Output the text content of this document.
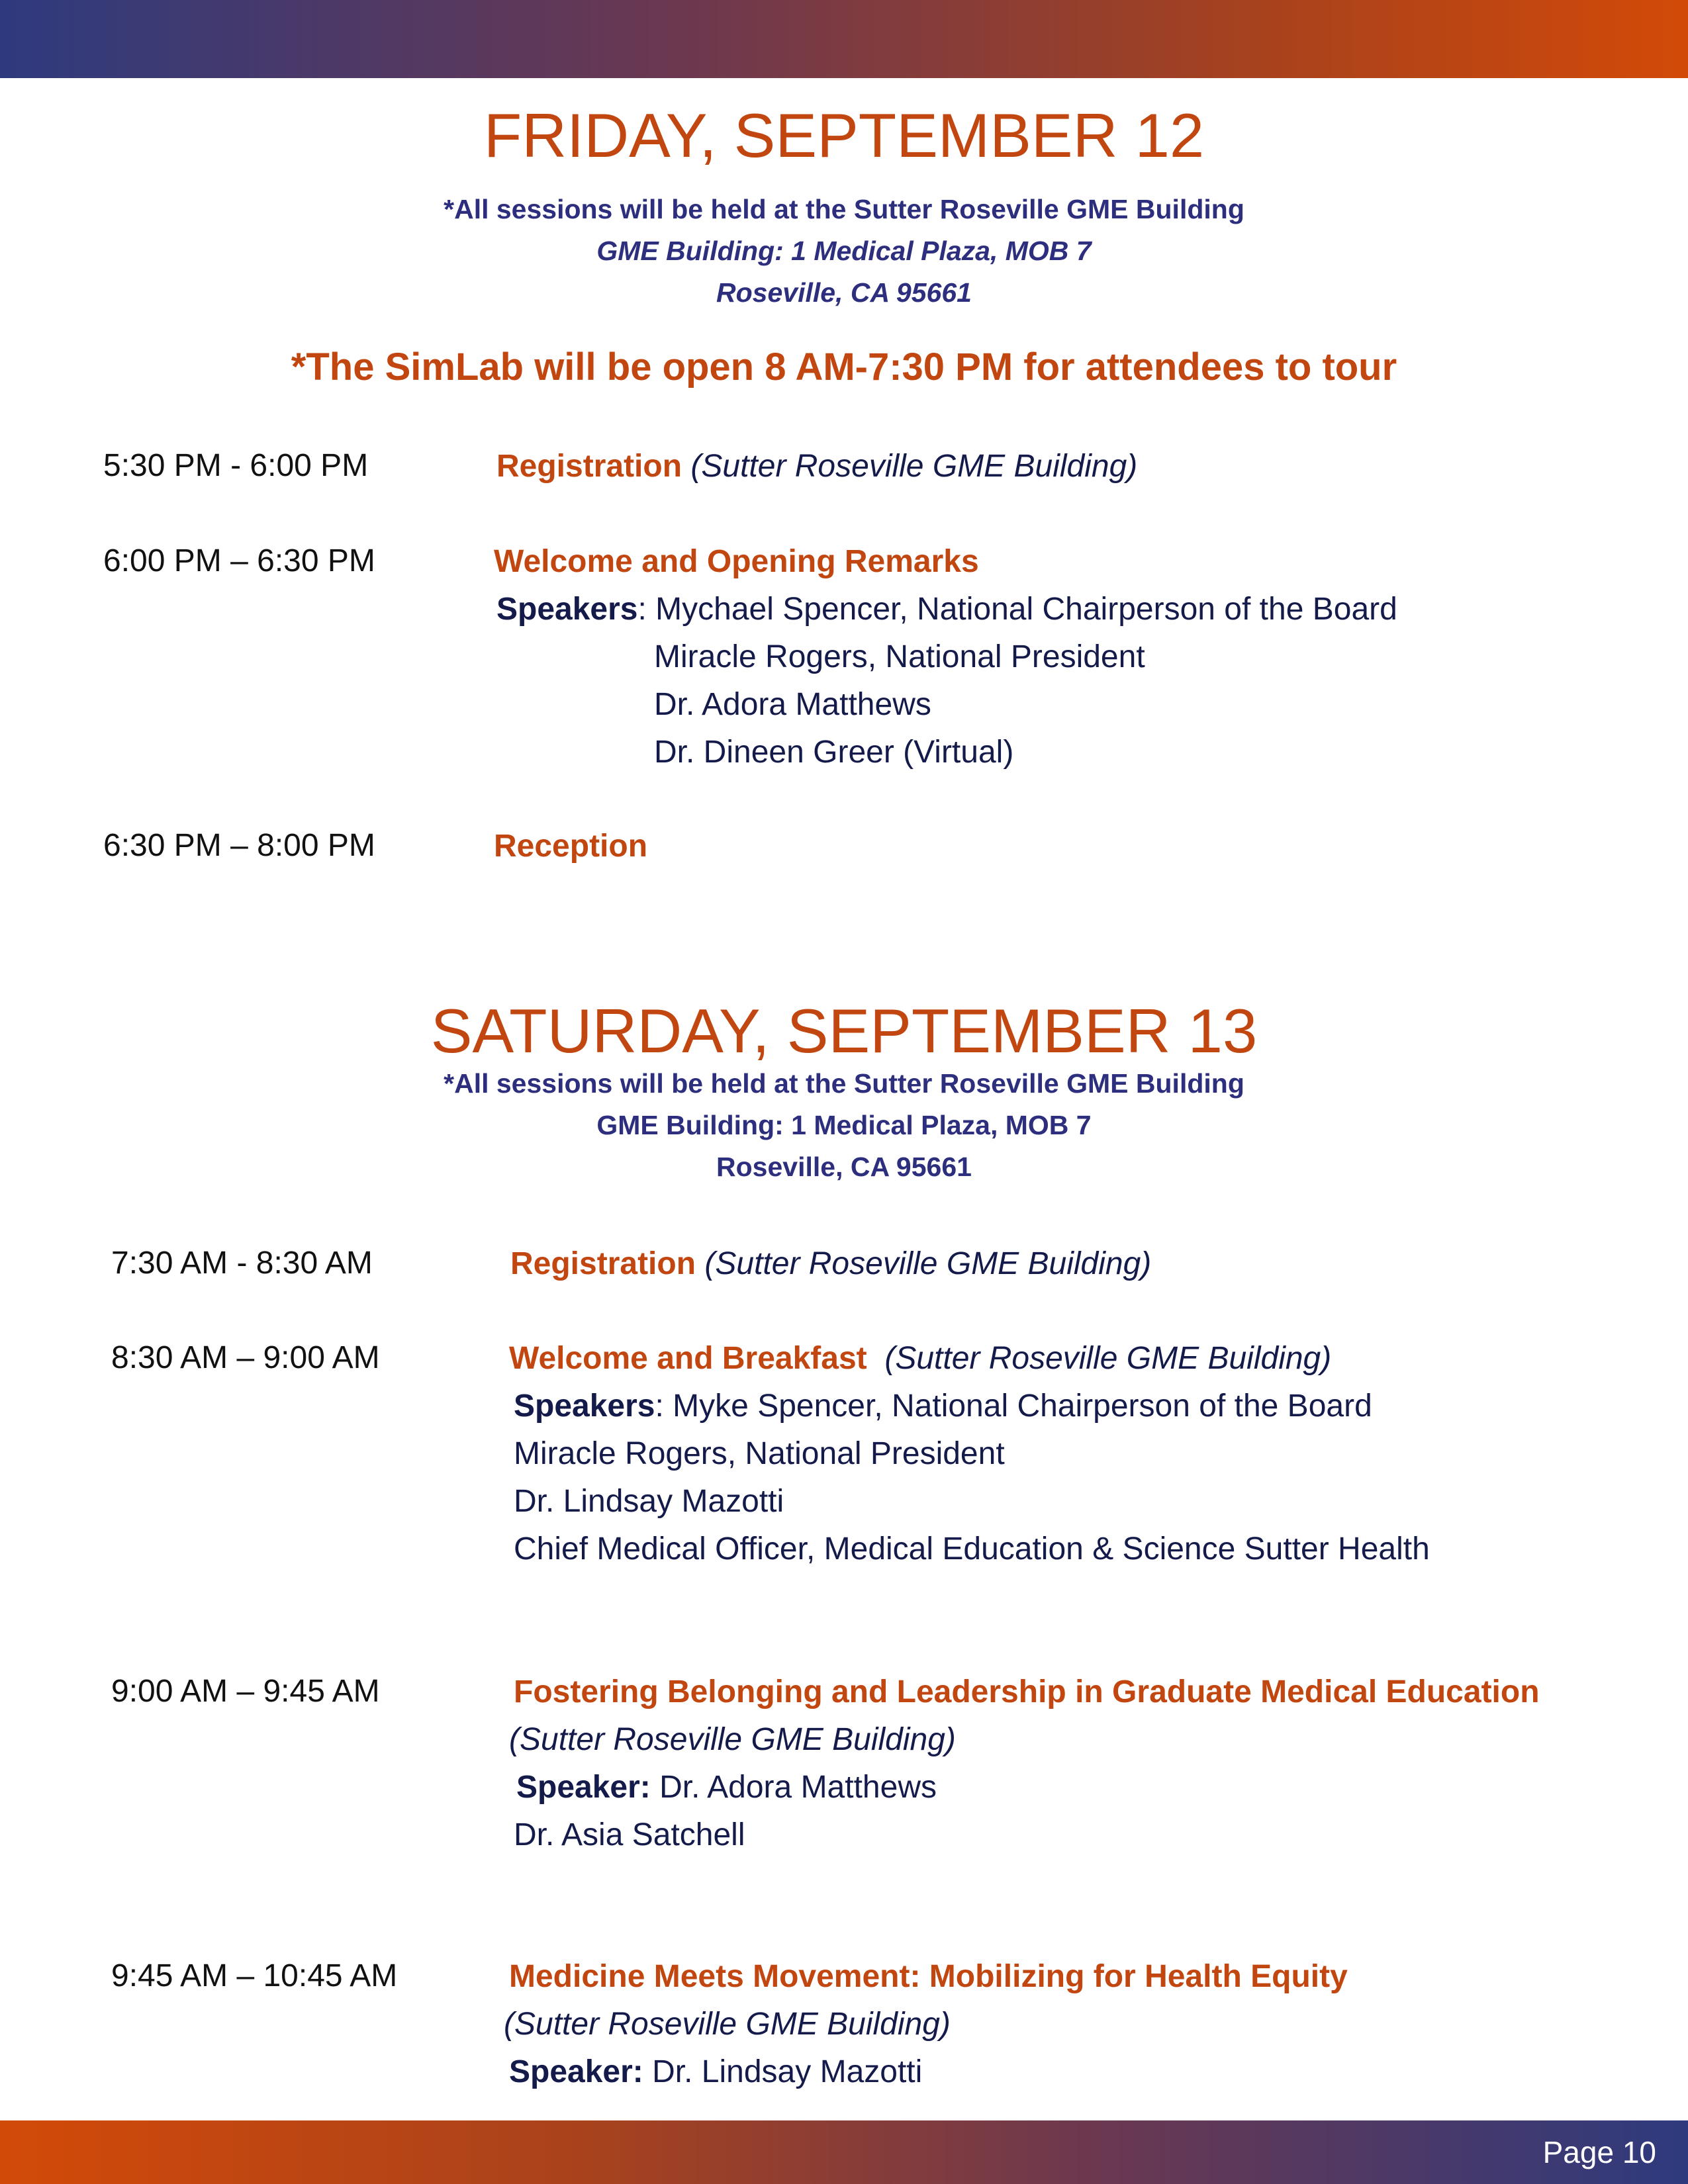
FRIDAY, SEPTEMBER 12
*All sessions will be held at the Sutter Roseville GME Building
GME Building: 1 Medical Plaza, MOB 7
Roseville, CA 95661
*The SimLab will be open 8 AM-7:30 PM for attendees to tour
5:30 PM - 6:00 PM	Registration (Sutter Roseville GME Building)
6:00 PM – 6:30 PM	Welcome and Opening Remarks
Speakers: Mychael Spencer, National Chairperson of the Board
Miracle Rogers, National President
Dr. Adora Matthews
Dr. Dineen Greer (Virtual)
6:30 PM – 8:00 PM	Reception
SATURDAY, SEPTEMBER 13
*All sessions will be held at the Sutter Roseville GME Building
GME Building: 1 Medical Plaza, MOB 7
Roseville, CA 95661
7:30 AM - 8:30 AM	Registration (Sutter Roseville GME Building)
8:30 AM – 9:00 AM	Welcome and Breakfast (Sutter Roseville GME Building)
Speakers: Myke Spencer, National Chairperson of the Board
Miracle Rogers, National President
Dr. Lindsay Mazotti
Chief Medical Officer, Medical Education & Science Sutter Health
9:00 AM – 9:45 AM	Fostering Belonging and Leadership in Graduate Medical Education
(Sutter Roseville GME Building)
Speaker: Dr. Adora Matthews
Dr. Asia Satchell
9:45 AM – 10:45 AM	Medicine Meets Movement: Mobilizing for Health Equity
(Sutter Roseville GME Building)
Speaker: Dr. Lindsay Mazotti
Page 10
